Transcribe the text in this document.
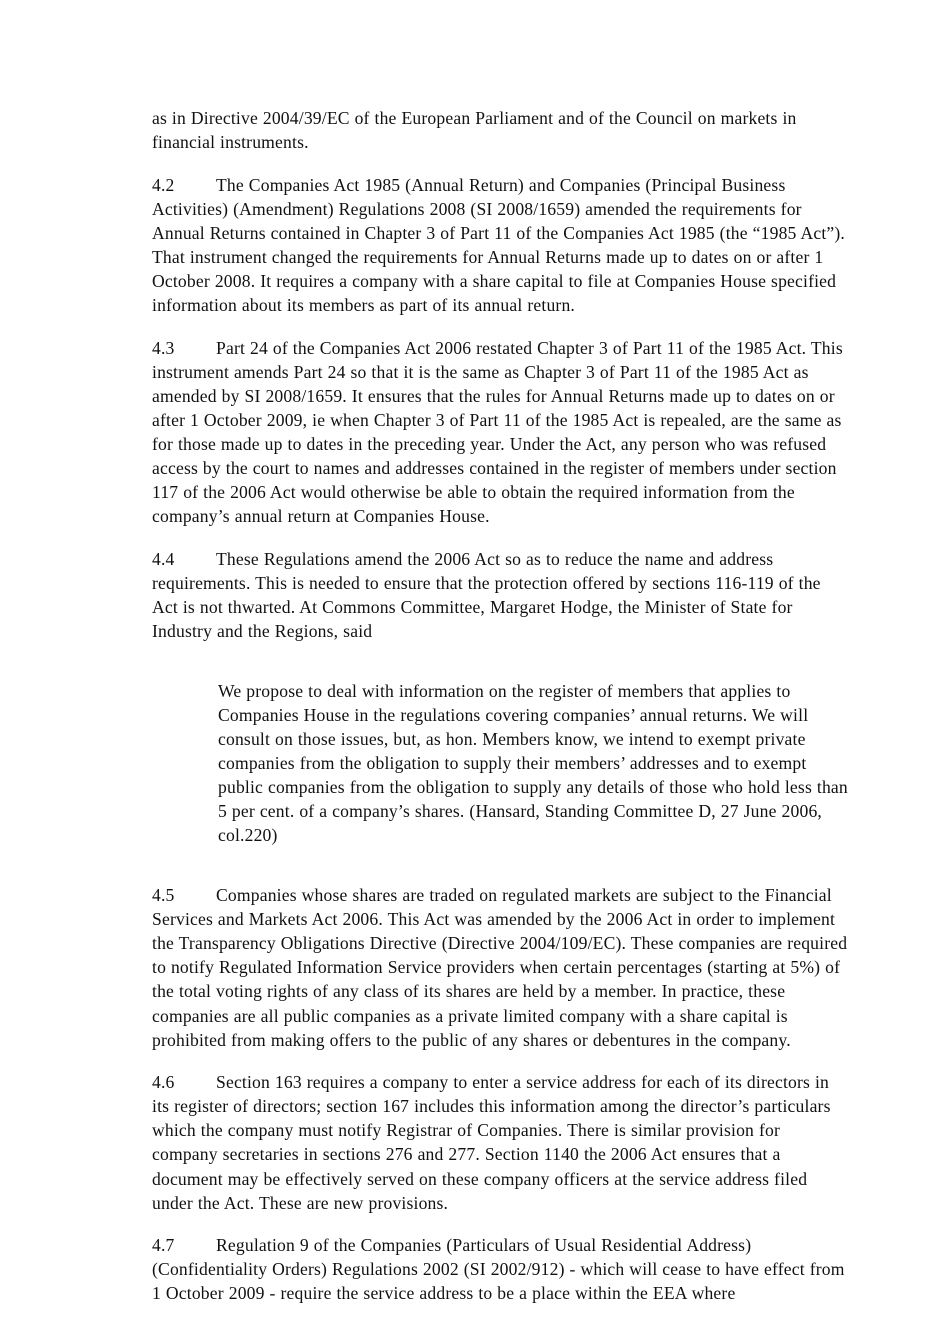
as in Directive 2004/39/EC of the European Parliament and of the Council on markets in financial instruments.

4.2 The Companies Act 1985 (Annual Return) and Companies (Principal Business Activities) (Amendment) Regulations 2008 (SI 2008/1659) amended the requirements for Annual Returns contained in Chapter 3 of Part 11 of the Companies Act 1985 (the “1985 Act”). That instrument changed the requirements for Annual Returns made up to dates on or after 1 October 2008. It requires a company with a share capital to file at Companies House specified information about its members as part of its annual return.

4.3 Part 24 of the Companies Act 2006 restated Chapter 3 of Part 11 of the 1985 Act. This instrument amends Part 24 so that it is the same as Chapter 3 of Part 11 of the 1985 Act as amended by SI 2008/1659. It ensures that the rules for Annual Returns made up to dates on or after 1 October 2009, ie when Chapter 3 of Part 11 of the 1985 Act is repealed, are the same as for those made up to dates in the preceding year. Under the Act, any person who was refused access by the court to names and addresses contained in the register of members under section 117 of the 2006 Act would otherwise be able to obtain the required information from the company’s annual return at Companies House.

4.4 These Regulations amend the 2006 Act so as to reduce the name and address requirements. This is needed to ensure that the protection offered by sections 116-119 of the Act is not thwarted. At Commons Committee, Margaret Hodge, the Minister of State for Industry and the Regions, said

We propose to deal with information on the register of members that applies to Companies House in the regulations covering companies’ annual returns. We will consult on those issues, but, as hon. Members know, we intend to exempt private companies from the obligation to supply their members’ addresses and to exempt public companies from the obligation to supply any details of those who hold less than 5 per cent. of a company’s shares. (Hansard, Standing Committee D, 27 June 2006, col.220)

4.5 Companies whose shares are traded on regulated markets are subject to the Financial Services and Markets Act 2006. This Act was amended by the 2006 Act in order to implement the Transparency Obligations Directive (Directive 2004/109/EC). These companies are required to notify Regulated Information Service providers when certain percentages (starting at 5%) of the total voting rights of any class of its shares are held by a member. In practice, these companies are all public companies as a private limited company with a share capital is prohibited from making offers to the public of any shares or debentures in the company.

4.6 Section 163 requires a company to enter a service address for each of its directors in its register of directors; section 167 includes this information among the director’s particulars which the company must notify Registrar of Companies. There is similar provision for company secretaries in sections 276 and 277. Section 1140 the 2006 Act ensures that a document may be effectively served on these company officers at the service address filed under the Act. These are new provisions.

4.7 Regulation 9 of the Companies (Particulars of Usual Residential Address) (Confidentiality Orders) Regulations 2002 (SI 2002/912) - which will cease to have effect from 1 October 2009 - require the service address to be a place within the EEA where
